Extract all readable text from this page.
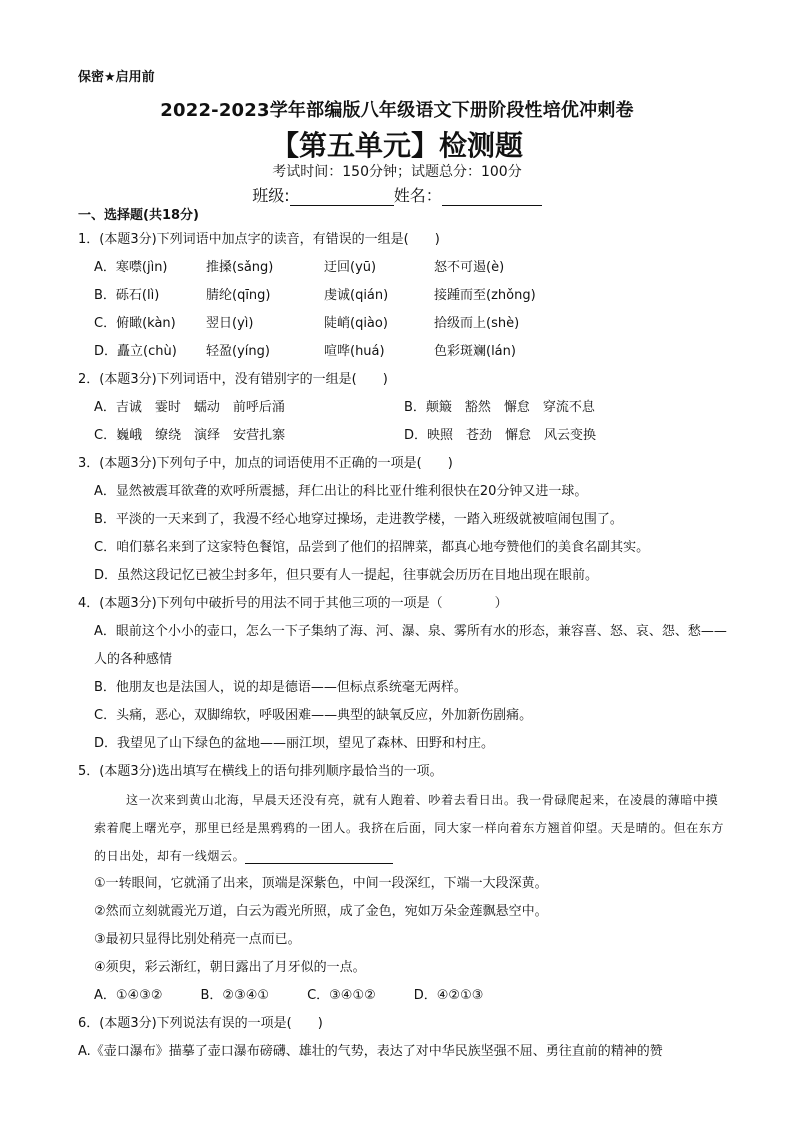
保密★启用前
2022-2023学年部编版八年级语文下册阶段性培优冲刺卷
【第五单元】检测题
考试时间：150分钟；试题总分：100分
班级:	姓名：
一、选择题(共18分)
1．(本题3分)下列词语中加点字的读音，有错误的一组是(　　)
A．寒噤(jìn)	推搡(sǎng)	迂回(yū)	怒不可遏(è)
B．砾石(lì)	腈纶(qīng)	虔诚(qián)	接踵而至(zhǒng)
C．俯瞰(kàn)	翌日(yì)	陡峭(qiào)	拾级而上(shè)
D．矗立(chù)	轻盈(yíng)	喧哗(huá)	色彩斑斓(lán)
2．(本题3分)下列词语中，没有错别字的一组是(　　)
A．吉诚　霎时　蠕动　前呼后涌	B．颠簸　豁然　懈怠　穿流不息
C．巍峨　缭绕　演绎　安营扎寨	D．映照　苍劲　懈怠　风云变换
3．(本题3分)下列句子中，加点的词语使用不正确的一项是(　　)
A．显然被震耳欲聋的欢呼所震撼，拜仁出让的科比亚什维利很快在20分钟又进一球。
B．平淡的一天来到了，我漫不经心地穿过操场，走进教学楼，一踏入班级就被喧闹包围了。
C．咱们慕名来到了这家特色餐馆，品尝到了他们的招牌菜，都真心地夸赞他们的美食名副其实。
D．虽然这段记忆已被尘封多年，但只要有人一提起，往事就会历历在目地出现在眼前。
4．(本题3分)下列句中破折号的用法不同于其他三项的一项是（　　　　）
A．眼前这个小小的壶口，怎么一下子集纳了海、河、瀑、泉、雾所有水的形态，兼容喜、怒、哀、怨、愁——人的各种感情
B．他朋友也是法国人，说的却是德语——但标点系统毫无两样。
C．头痛，恶心，双脚绵软，呼吸困难——典型的缺氧反应，外加新伤剧痛。
D．我望见了山下绿色的盆地——丽江坝，望见了森林、田野和村庄。
5．(本题3分)选出填写在横线上的语句排列顺序最恰当的一项。
这一次来到黄山北海，早晨天还没有亮，就有人跑着、吵着去看日出。我一骨碌爬起来，在凌晨的薄暗中摸索着爬上曙光亭，那里已经是黑鸦鸦的一团人。我挤在后面，同大家一样向着东方翘首仰望。天是晴的。但在东方的日出处，却有一线烟云。
①一转眼间，它就涌了出来，顶端是深紫色，中间一段深红，下端一大段深黄。
②然而立刻就霞光万道，白云为霞光所照，成了金色，宛如万朵金莲飘悬空中。
③最初只显得比别处稍亮一点而已。
④须臾，彩云渐红，朝日露出了月牙似的一点。
A．①④③②	B．②③④①	C．③④①②	D．④②①③
6．(本题3分)下列说法有误的一项是(　　)
A.《壶口瀑布》描摹了壶口瀑布磅礴、雄壮的气势，表达了对中华民族坚强不屈、勇往直前的精神的赞
